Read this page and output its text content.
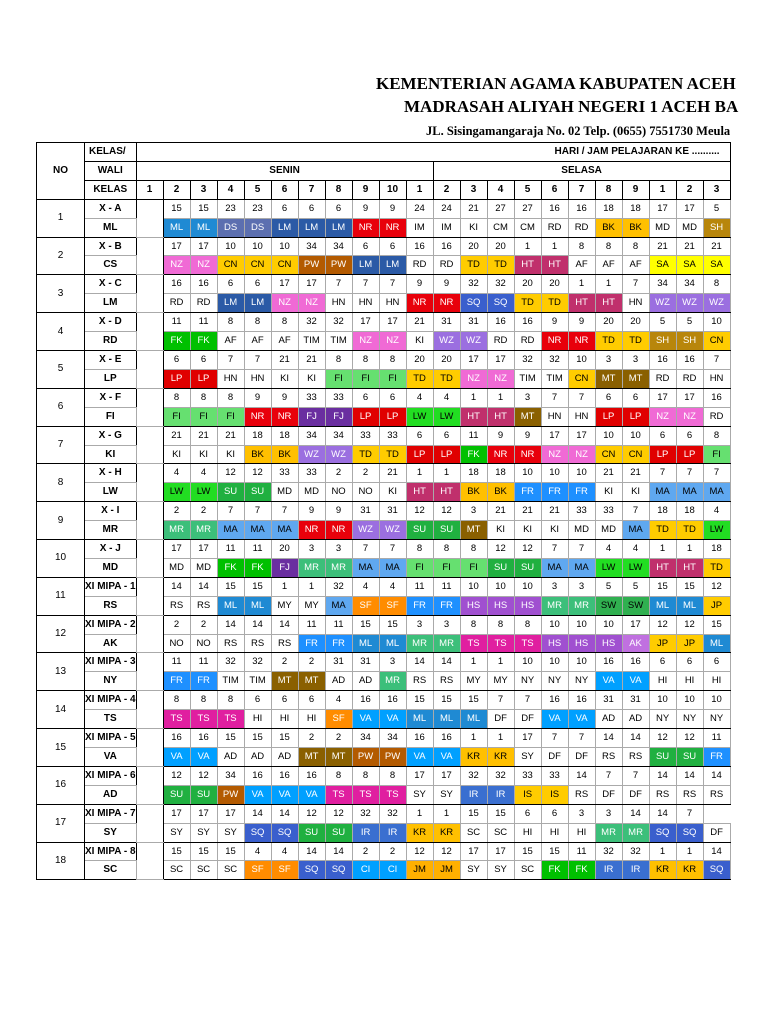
KEMENTERIAN AGAMA KABUPATEN ACEH
MADRASAH ALIYAH NEGERI 1 ACEH BA
JL. Sisingamangaraja No. 02 Telp. (0655) 7551730 Meula
NO	KELAS/	HARI / JAM PELAJARAN KE ..........																					
	WALI	SENIN											SELASA										
	KELAS	1	2	3	4	5	6	7	8	9	10	1	2	3	4	5	6	7	8	9	1	2	3
1	X - A		15	15	23	23	6	6	6	9	9	24	24	21	27	27	16	16	18	18	17	17	5
	ML		ML	ML	DS	DS	LM	LM	LM	NR	NR	IM	IM	KI	CM	CM	RD	RD	BK	BK	MD	MD	SH
2	X - B		17	17	10	10	10	34	34	6	6	16	16	20	20	1	1	8	8	8	21	21	21
	CS		NZ	NZ	CN	CN	CN	PW	PW	LM	LM	RD	RD	TD	TD	HT	HT	AF	AF	AF	SA	SA	SA
3	X - C		16	16	6	6	17	17	7	7	7	9	9	32	32	20	20	1	1	7	34	34	8
	LM		RD	RD	LM	LM	NZ	NZ	HN	HN	HN	NR	NR	SQ	SQ	TD	TD	HT	HT	HN	WZ	WZ	WZ
4	X - D		11	11	8	8	8	32	32	17	17	21	31	31	16	16	9	9	20	20	5	5	10
	RD		FK	FK	AF	AF	AF	TIM	TIM	NZ	NZ	KI	WZ	WZ	RD	RD	NR	NR	TD	TD	SH	SH	CN
5	X - E		6	6	7	7	21	21	8	8	8	20	20	17	17	32	32	10	3	3	16	16	7
	LP		LP	LP	HN	HN	KI	KI	FI	FI	FI	TD	TD	NZ	NZ	TIM	TIM	CN	MT	MT	RD	RD	HN
6	X - F		8	8	8	9	9	33	33	6	6	4	4	1	1	3	7	7	6	6	17	17	16
	FI		FI	FI	FI	NR	NR	FJ	FJ	LP	LP	LW	LW	HT	HT	MT	HN	HN	LP	LP	NZ	NZ	RD
7	X - G		21	21	21	18	18	34	34	33	33	6	6	11	9	9	17	17	10	10	6	6	8
	KI		KI	KI	KI	BK	BK	WZ	WZ	TD	TD	LP	LP	FK	NR	NR	NZ	NZ	CN	CN	LP	LP	FI
8	X - H		4	4	12	12	33	33	2	2	21	1	1	18	18	10	10	10	21	21	7	7	7
	LW		LW	LW	SU	SU	MD	MD	NO	NO	KI	HT	HT	BK	BK	FR	FR	FR	KI	KI	MA	MA	MA
9	X - I		2	2	7	7	7	9	9	31	31	12	12	3	21	21	21	33	33	7	18	18	4
	MR		MR	MR	MA	MA	MA	NR	NR	WZ	WZ	SU	SU	MT	KI	KI	KI	MD	MD	MA	TD	TD	LW
10	X - J		17	17	11	11	20	3	3	7	7	8	8	8	12	12	7	7	4	4	1	1	18
	MD		MD	MD	FK	FK	FJ	MR	MR	MA	MA	FI	FI	FI	SU	SU	MA	MA	LW	LW	HT	HT	TD
11	XI MIPA - 1		14	14	15	15	1	1	32	4	4	11	11	10	10	10	3	3	5	5	15	15	12
	RS		RS	RS	ML	ML	MY	MY	MA	SF	SF	FR	FR	HS	HS	HS	MR	MR	SW	SW	ML	ML	JP
12	XI MIPA - 2		2	2	14	14	14	11	11	15	15	3	3	8	8	8	10	10	10	17	12	12	15
	AK		NO	NO	RS	RS	RS	FR	FR	ML	ML	MR	MR	TS	TS	TS	HS	HS	HS	AK	JP	JP	ML
13	XI MIPA - 3		11	11	32	32	2	2	31	31	3	14	14	1	1	10	10	10	16	16	6	6	6
	NY		FR	FR	TIM	TIM	MT	MT	AD	AD	MR	RS	RS	MY	MY	NY	NY	NY	VA	VA	HI	HI	HI
14	XI MIPA - 4		8	8	8	6	6	6	4	16	16	15	15	15	7	7	16	16	31	31	10	10	10
	TS		TS	TS	TS	HI	HI	HI	SF	VA	VA	ML	ML	ML	DF	DF	VA	VA	AD	AD	NY	NY	NY
15	XI MIPA - 5		16	16	15	15	15	2	2	34	34	16	16	1	1	17	7	7	14	14	12	12	11
	VA		VA	VA	AD	AD	AD	MT	MT	PW	PW	VA	VA	KR	KR	SY	DF	DF	RS	RS	SU	SU	FR
16	XI MIPA - 6		12	12	34	16	16	16	8	8	8	17	17	32	32	33	33	14	7	7	14	14	14
	AD		SU	SU	PW	VA	VA	VA	TS	TS	TS	SY	SY	IR	IR	IS	IS	RS	DF	DF	RS	RS	RS
17	XI MIPA - 7		17	17	17	14	14	12	12	32	32	1	1	15	15	6	6	3	3	14	14	7	
	SY		SY	SY	SY	SQ	SQ	SU	SU	IR	IR	KR	KR	SC	SC	HI	HI	HI	MR	MR	SQ	SQ	DF
18	XI MIPA - 8		15	15	15	4	4	14	14	2	2	12	12	17	17	15	15	11	32	32	1	1	14
	SC		SC	SC	SC	SF	SF	SQ	SQ	CI	CI	JM	JM	SY	SY	SC	FK	FK	IR	IR	KR	KR	SQ
